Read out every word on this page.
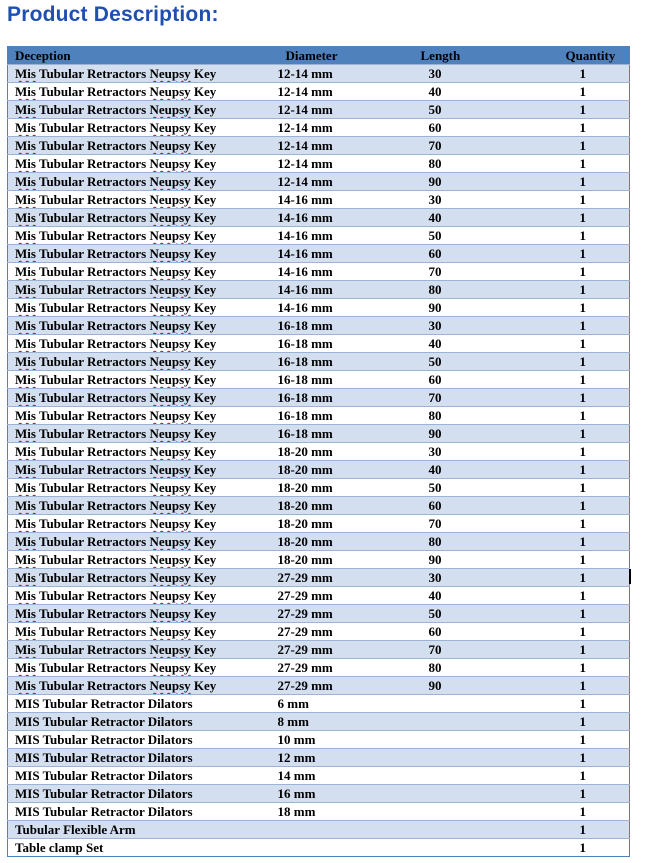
Product Description:
Deception	Diameter	Length	Quantity
Mis Tubular Retractors Neupsy Key	12-14 mm	30	1
Mis Tubular Retractors Neupsy Key	12-14 mm	40	1
Mis Tubular Retractors Neupsy Key	12-14 mm	50	1
Mis Tubular Retractors Neupsy Key	12-14 mm	60	1
Mis Tubular Retractors Neupsy Key	12-14 mm	70	1
Mis Tubular Retractors Neupsy Key	12-14 mm	80	1
Mis Tubular Retractors Neupsy Key	12-14 mm	90	1
Mis Tubular Retractors Neupsy Key	14-16 mm	30	1
Mis Tubular Retractors Neupsy Key	14-16 mm	40	1
Mis Tubular Retractors Neupsy Key	14-16 mm	50	1
Mis Tubular Retractors Neupsy Key	14-16 mm	60	1
Mis Tubular Retractors Neupsy Key	14-16 mm	70	1
Mis Tubular Retractors Neupsy Key	14-16 mm	80	1
Mis Tubular Retractors Neupsy Key	14-16 mm	90	1
Mis Tubular Retractors Neupsy Key	16-18 mm	30	1
Mis Tubular Retractors Neupsy Key	16-18 mm	40	1
Mis Tubular Retractors Neupsy Key	16-18 mm	50	1
Mis Tubular Retractors Neupsy Key	16-18 mm	60	1
Mis Tubular Retractors Neupsy Key	16-18 mm	70	1
Mis Tubular Retractors Neupsy Key	16-18 mm	80	1
Mis Tubular Retractors Neupsy Key	16-18 mm	90	1
Mis Tubular Retractors Neupsy Key	18-20 mm	30	1
Mis Tubular Retractors Neupsy Key	18-20 mm	40	1
Mis Tubular Retractors Neupsy Key	18-20 mm	50	1
Mis Tubular Retractors Neupsy Key	18-20 mm	60	1
Mis Tubular Retractors Neupsy Key	18-20 mm	70	1
Mis Tubular Retractors Neupsy Key	18-20 mm	80	1
Mis Tubular Retractors Neupsy Key	18-20 mm	90	1
Mis Tubular Retractors Neupsy Key	27-29 mm	30	1
Mis Tubular Retractors Neupsy Key	27-29 mm	40	1
Mis Tubular Retractors Neupsy Key	27-29 mm	50	1
Mis Tubular Retractors Neupsy Key	27-29 mm	60	1
Mis Tubular Retractors Neupsy Key	27-29 mm	70	1
Mis Tubular Retractors Neupsy Key	27-29 mm	80	1
Mis Tubular Retractors Neupsy Key	27-29 mm	90	1
MIS Tubular Retractor Dilators	6 mm		1
MIS Tubular Retractor Dilators	8 mm		1
MIS Tubular Retractor Dilators	10 mm		1
MIS Tubular Retractor Dilators	12 mm		1
MIS Tubular Retractor Dilators	14 mm		1
MIS Tubular Retractor Dilators	16 mm		1
MIS Tubular Retractor Dilators	18 mm		1
Tubular Flexible Arm			1
Table clamp Set			1
